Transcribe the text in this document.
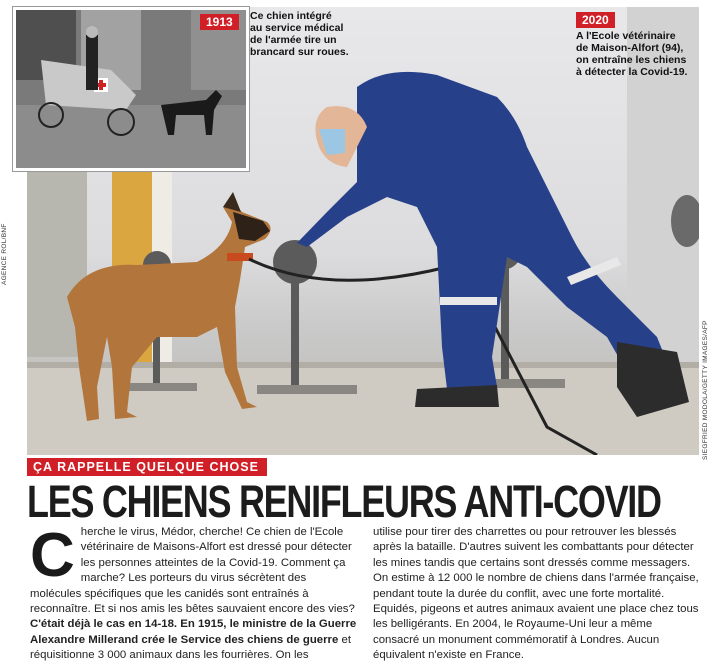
1913	Ce chien intégré
au service médical
de l'armée tire un
brancard sur roues.
2020
A l'Ecole vétérinaire
de Maison-Alfort (94),
on entraîne les chiens
à détecter la Covid-19.
AGENCE ROL/BNF
SIEGFRIED MODOLA/GETTY IMAGES/AFP
ÇA RAPPELLE QUELQUE CHOSE
LES CHIENS RENIFLEURS ANTI-COVID
Cherche le virus, Médor, cherche! Ce chien de l'Ecole vétérinaire de Maisons-Alfort est dressé pour détecter les personnes atteintes de la Covid-19. Comment ça marche? Les porteurs du virus sécrètent des molécules spécifiques que les canidés sont entraînés à reconnaître. Et si nos amis les bêtes sauvaient encore des vies? C'était déjà le cas en 14-18. En 1915, le ministre de la Guerre Alexandre Millerand crée le Service des chiens de guerre et réquisitionne 3 000 animaux dans les fourrières. On les
utilise pour tirer des charrettes ou pour retrouver les blessés après la bataille. D'autres suivent les combattants pour détecter les mines tandis que certains sont dressés comme messagers. On estime à 12 000 le nombre de chiens dans l'armée française, pendant toute la durée du conflit, avec une forte mortalité. Equidés, pigeons et autres animaux avaient une place chez tous les belligérants. En 2004, le Royaume-Uni leur a même consacré un monument commémoratif à Londres. Aucun équivalent n'existe en France.
